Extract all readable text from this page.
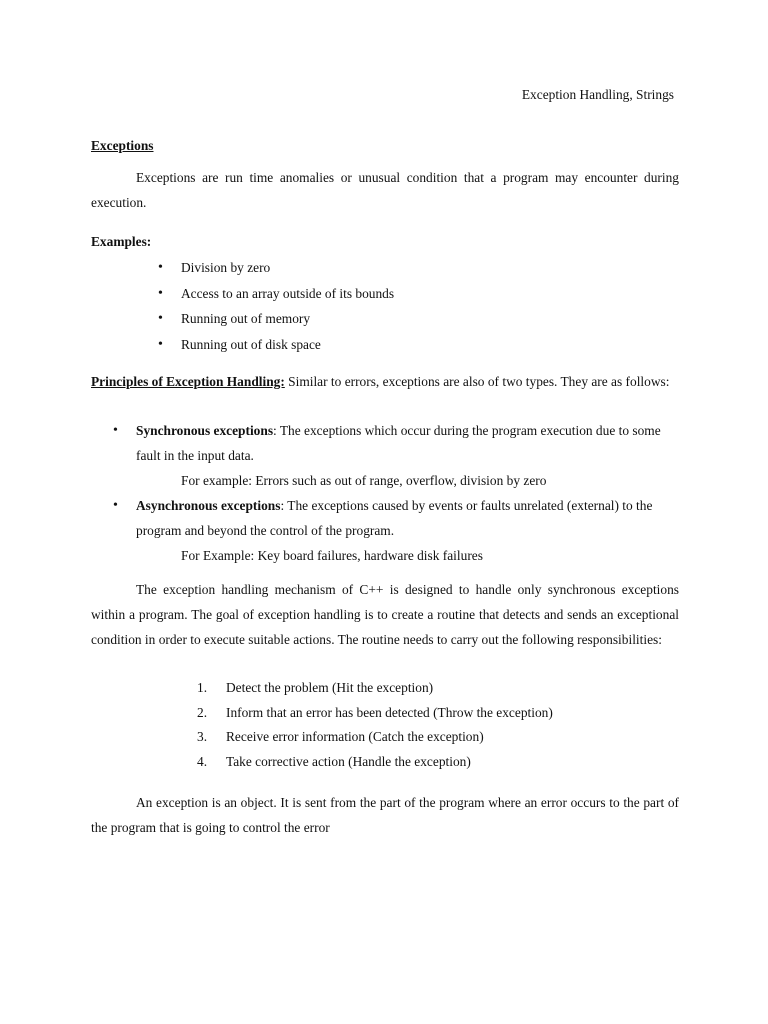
Exception Handling, Strings

Exceptions

Exceptions are run time anomalies or unusual condition that a program may encounter during execution.

Examples:

• Division by zero
• Access to an array outside of its bounds
• Running out of memory
• Running out of disk space

Principles of Exception Handling: Similar to errors, exceptions are also of two types. They are as follows:

• Synchronous exceptions: The exceptions which occur during the program execution due to some fault in the input data.
For example: Errors such as out of range, overflow, division by zero
• Asynchronous exceptions: The exceptions caused by events or faults unrelated (external) to the program and beyond the control of the program.
For Example: Key board failures, hardware disk failures

The exception handling mechanism of C++ is designed to handle only synchronous exceptions within a program. The goal of exception handling is to create a routine that detects and sends an exceptional condition in order to execute suitable actions. The routine needs to carry out the following responsibilities:

1. Detect the problem (Hit the exception)
2. Inform that an error has been detected (Throw the exception)
3. Receive error information (Catch the exception)
4. Take corrective action (Handle the exception)

An exception is an object. It is sent from the part of the program where an error occurs to the part of the program that is going to control the error
